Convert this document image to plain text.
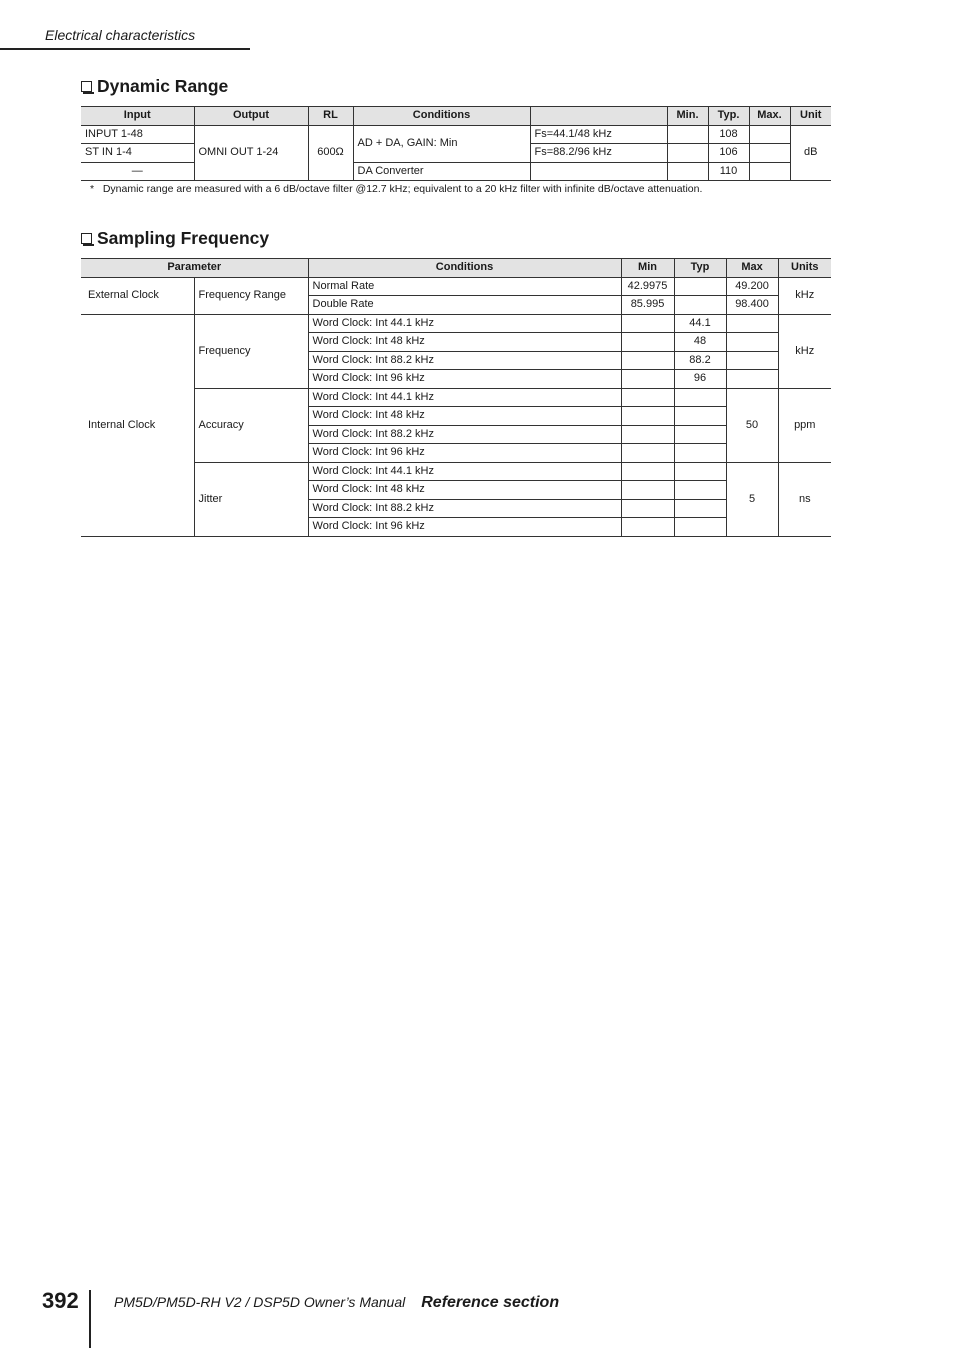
Electrical characteristics
Dynamic Range
Input	Output	RL	Conditions		Min.	Typ.	Max.	Unit
INPUT 1-48	OMNI OUT 1-24	600Ω	AD + DA, GAIN: Min	Fs=44.1/48 kHz		108		dB
ST IN 1-4				Fs=88.2/96 kHz		106		
—			DA Converter			110		
*   Dynamic range are measured with a 6 dB/octave filter @12.7 kHz; equivalent to a 20 kHz filter with infinite dB/octave attenuation.
Sampling Frequency
Parameter		Conditions	Min	Typ	Max	Units
External Clock	Frequency Range	Normal Rate	42.9975		49.200	kHz
		Double Rate	85.995		98.400	
Internal Clock	Frequency	Word Clock: Int 44.1 kHz		44.1		kHz
		Word Clock: Int 48 kHz		48		
		Word Clock: Int 88.2 kHz		88.2		
		Word Clock: Int 96 kHz		96		
	Accuracy	Word Clock: Int 44.1 kHz			50	ppm
		Word Clock: Int 48 kHz				
		Word Clock: Int 88.2 kHz				
		Word Clock: Int 96 kHz				
	Jitter	Word Clock: Int 44.1 kHz			5	ns
		Word Clock: Int 48 kHz				
		Word Clock: Int 88.2 kHz				
		Word Clock: Int 96 kHz				
392	PM5D/PM5D-RH V2 / DSP5D Owner’s Manual Reference section
